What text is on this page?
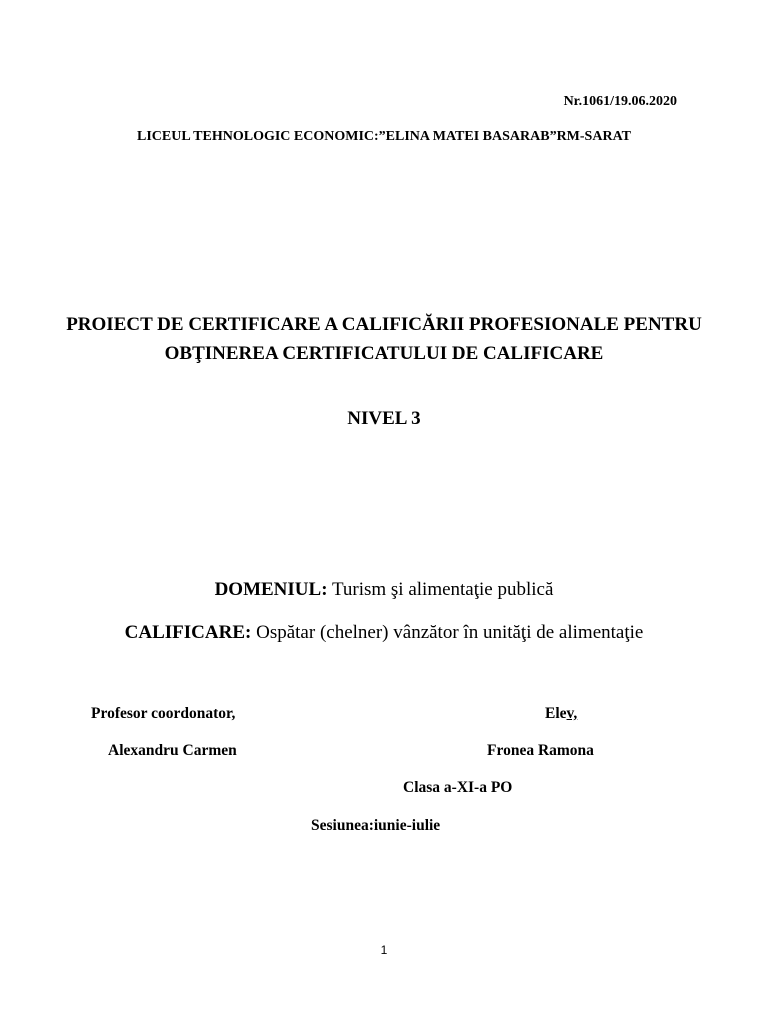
Nr.1061/19.06.2020
LICEUL TEHNOLOGIC ECONOMIC:”ELINA MATEI BASARAB”RM-SARAT
PROIECT DE CERTIFICARE A CALIFICĂRII PROFESIONALE PENTRU OBŢINEREA CERTIFICATULUI DE CALIFICARE
NIVEL 3
DOMENIUL: Turism şi alimentaţie publică
CALIFICARE: Ospătar (chelner) vânzător în unităţi de alimentaţie
Profesor coordonator,
Alexandru Carmen
Elev,
Fronea Ramona
Clasa a-XI-a PO
Sesiunea:iunie-iulie
1
